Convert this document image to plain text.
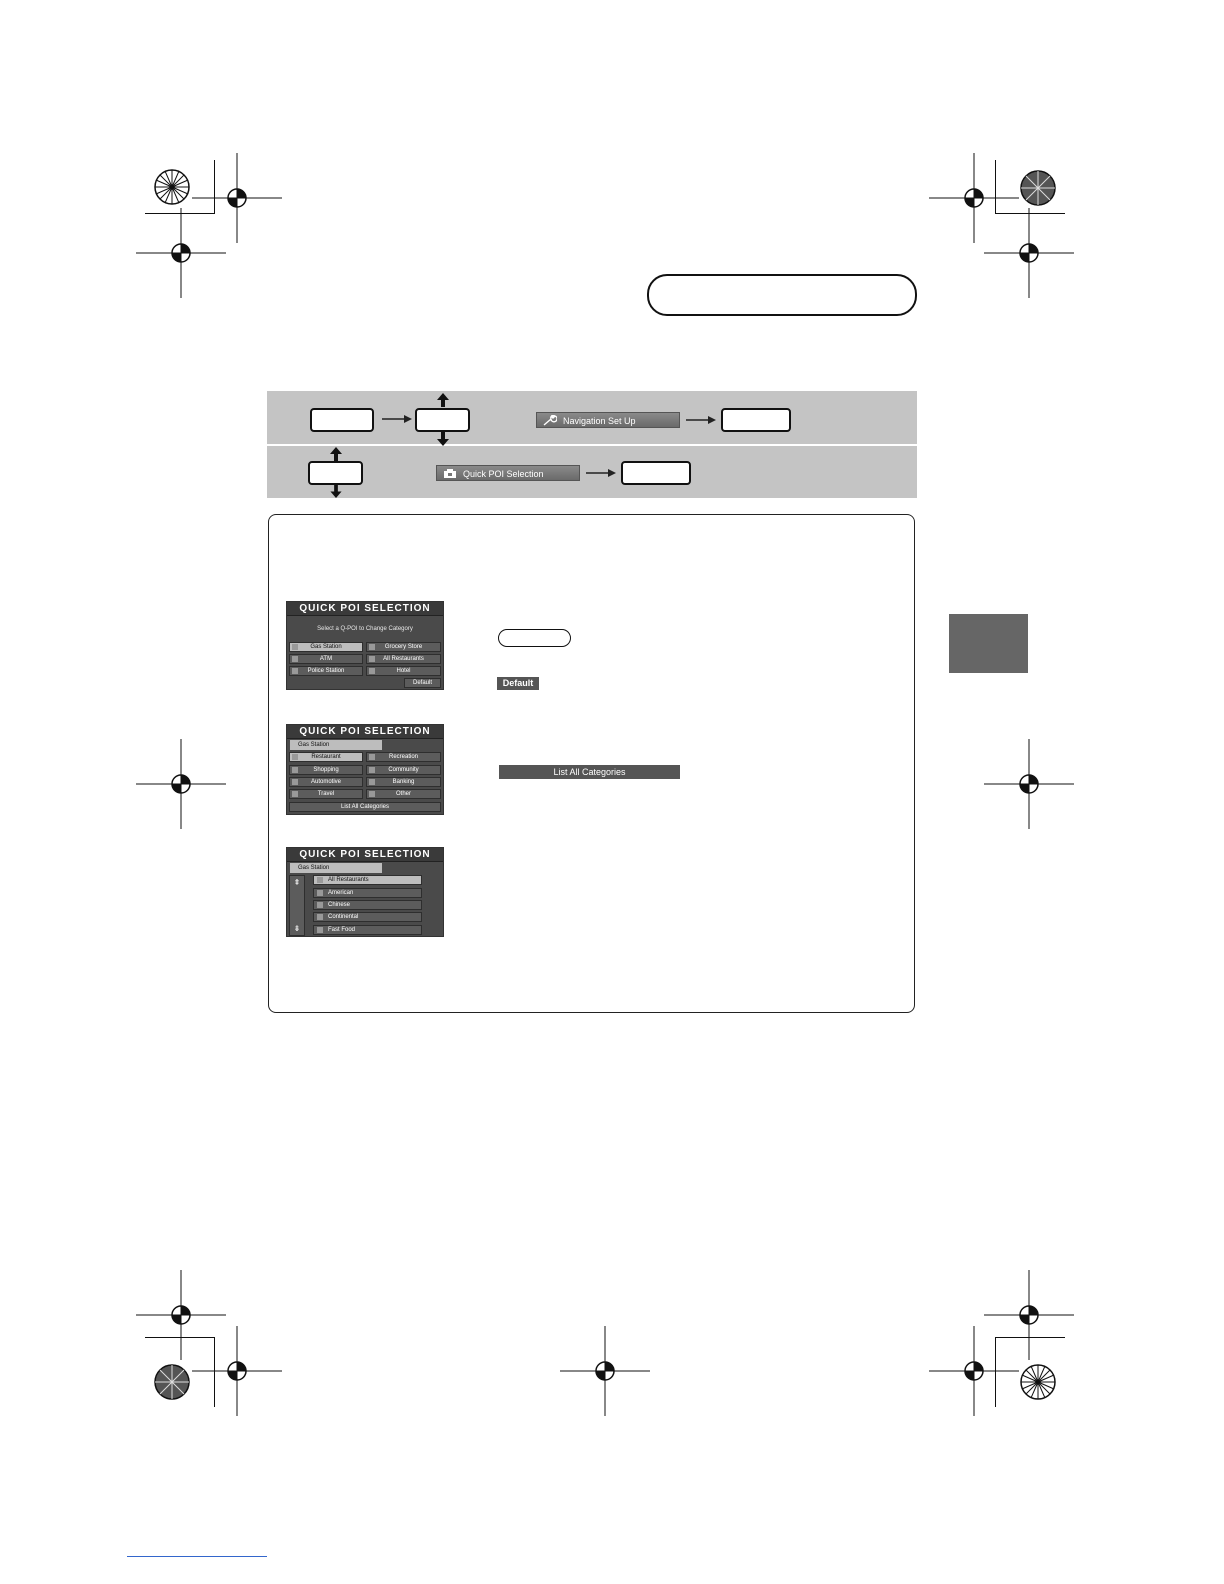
Navigation Set Up
Quick POI Selection
QUICK POI SELECTION
Select a Q-POI to Change Category
Gas Station	Grocery Store
ATM	All Restaurants
Police Station	Hotel
Default
QUICK POI SELECTION
Gas Station
Restaurant	Recreation
Shopping	Community
Automotive	Banking
Travel	Other
List All Categories
QUICK POI SELECTION
Gas Station
⇞
⇟
All Restaurants
American
Chinese
Continental
Fast Food
Default
List All Categories
